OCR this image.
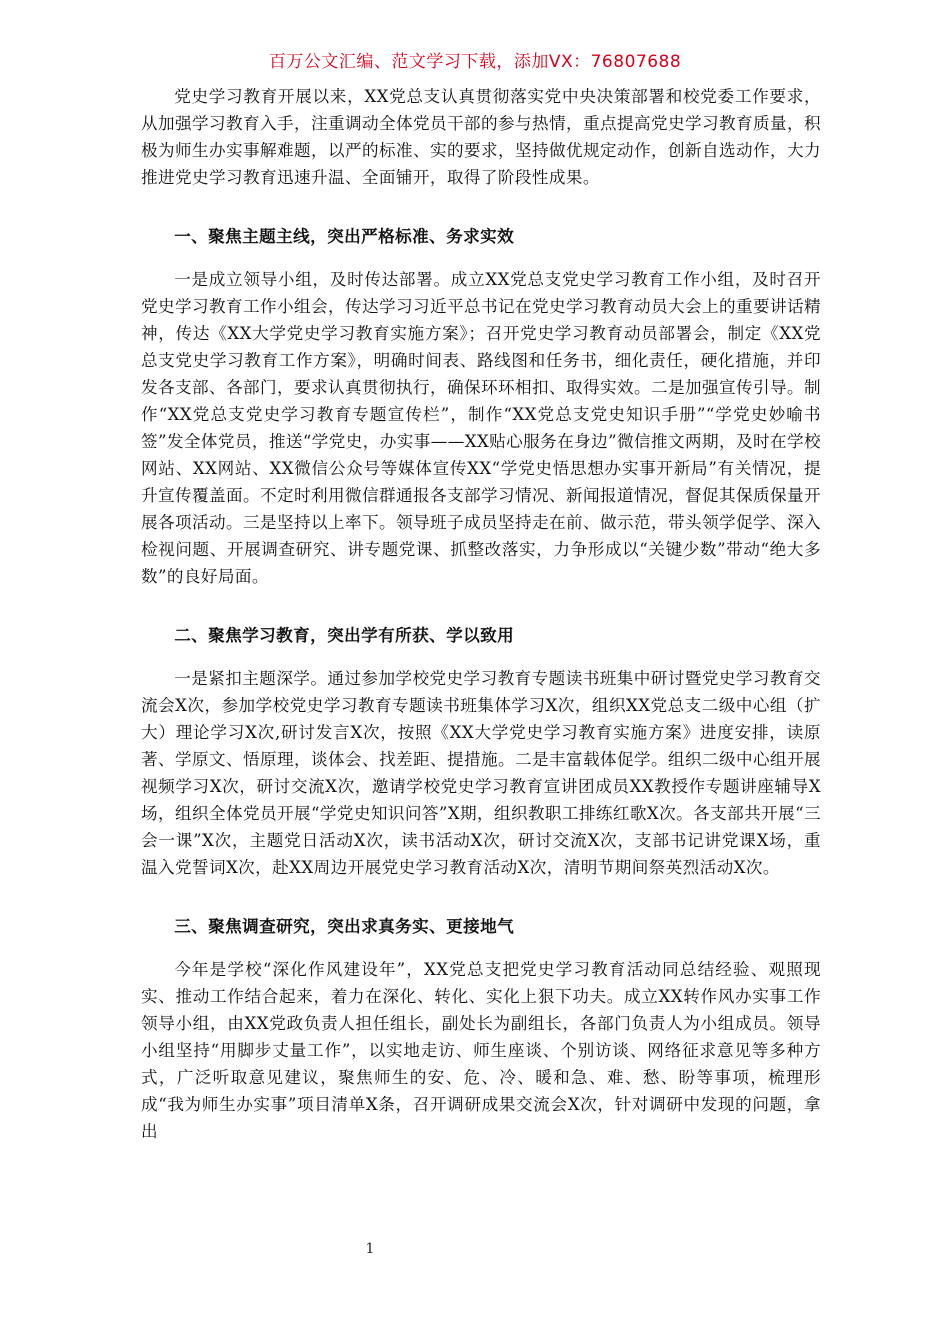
百万公文汇编、范文学习下载，添加VX：76807688

党史学习教育开展以来，XX党总支认真贯彻落实党中央决策部署和校党委工作要求，从加强学习教育入手，注重调动全体党员干部的参与热情，重点提高党史学习教育质量，积极为师生办实事解难题，以严的标准、实的要求，坚持做优规定动作，创新自选动作，大力推进党史学习教育迅速升温、全面铺开，取得了阶段性成果。

一、聚焦主题主线，突出严格标准、务求实效

一是成立领导小组，及时传达部署。成立XX党总支党史学习教育工作小组，及时召开党史学习教育工作小组会，传达学习习近平总书记在党史学习教育动员大会上的重要讲话精神，传达《XX大学党史学习教育实施方案》；召开党史学习教育动员部署会，制定《XX党总支党史学习教育工作方案》，明确时间表、路线图和任务书，细化责任，硬化措施，并印发各支部、各部门，要求认真贯彻执行，确保环环相扣、取得实效。二是加强宣传引导。制作“XX党总支党史学习教育专题宣传栏”，制作“XX党总支党史知识手册”“学党史妙喻书签”发全体党员，推送“学党史，办实事——XX贴心服务在身边”微信推文两期，及时在学校网站、XX网站、XX微信公众号等媒体宣传XX“学党史悟思想办实事开新局”有关情况，提升宣传覆盖面。不定时利用微信群通报各支部学习情况、新闻报道情况，督促其保质保量开展各项活动。三是坚持以上率下。领导班子成员坚持走在前、做示范，带头领学促学、深入检视问题、开展调查研究、讲专题党课、抓整改落实，力争形成以“关键少数”带动“绝大多数”的良好局面。

二、聚焦学习教育，突出学有所获、学以致用

一是紧扣主题深学。通过参加学校党史学习教育专题读书班集中研讨暨党史学习教育交流会X次，参加学校党史学习教育专题读书班集体学习X次，组织XX党总支二级中心组（扩大）理论学习X次,研讨发言X次，按照《XX大学党史学习教育实施方案》进度安排，读原著、学原文、悟原理，谈体会、找差距、提措施。二是丰富载体促学。组织二级中心组开展视频学习X次，研讨交流X次，邀请学校党史学习教育宣讲团成员XX教授作专题讲座辅导X场，组织全体党员开展“学党史知识问答”X期，组织教职工排练红歌X次。各支部共开展“三会一课”X次，主题党日活动X次，读书活动X次，研讨交流X次，支部书记讲党课X场，重温入党誓词X次，赴XX周边开展党史学习教育活动X次，清明节期间祭英烈活动X次。

三、聚焦调查研究，突出求真务实、更接地气

今年是学校“深化作风建设年”，XX党总支把党史学习教育活动同总结经验、观照现实、推动工作结合起来，着力在深化、转化、实化上狠下功夫。成立XX转作风办实事工作领导小组，由XX党政负责人担任组长，副处长为副组长，各部门负责人为小组成员。领导小组坚持“用脚步丈量工作”，以实地走访、师生座谈、个别访谈、网络征求意见等多种方式，广泛听取意见建议，聚焦师生的安、危、冷、暖和急、难、愁、盼等事项，梳理形成“我为师生办实事”项目清单X条，召开调研成果交流会X次，针对调研中发现的问题，拿出

1
